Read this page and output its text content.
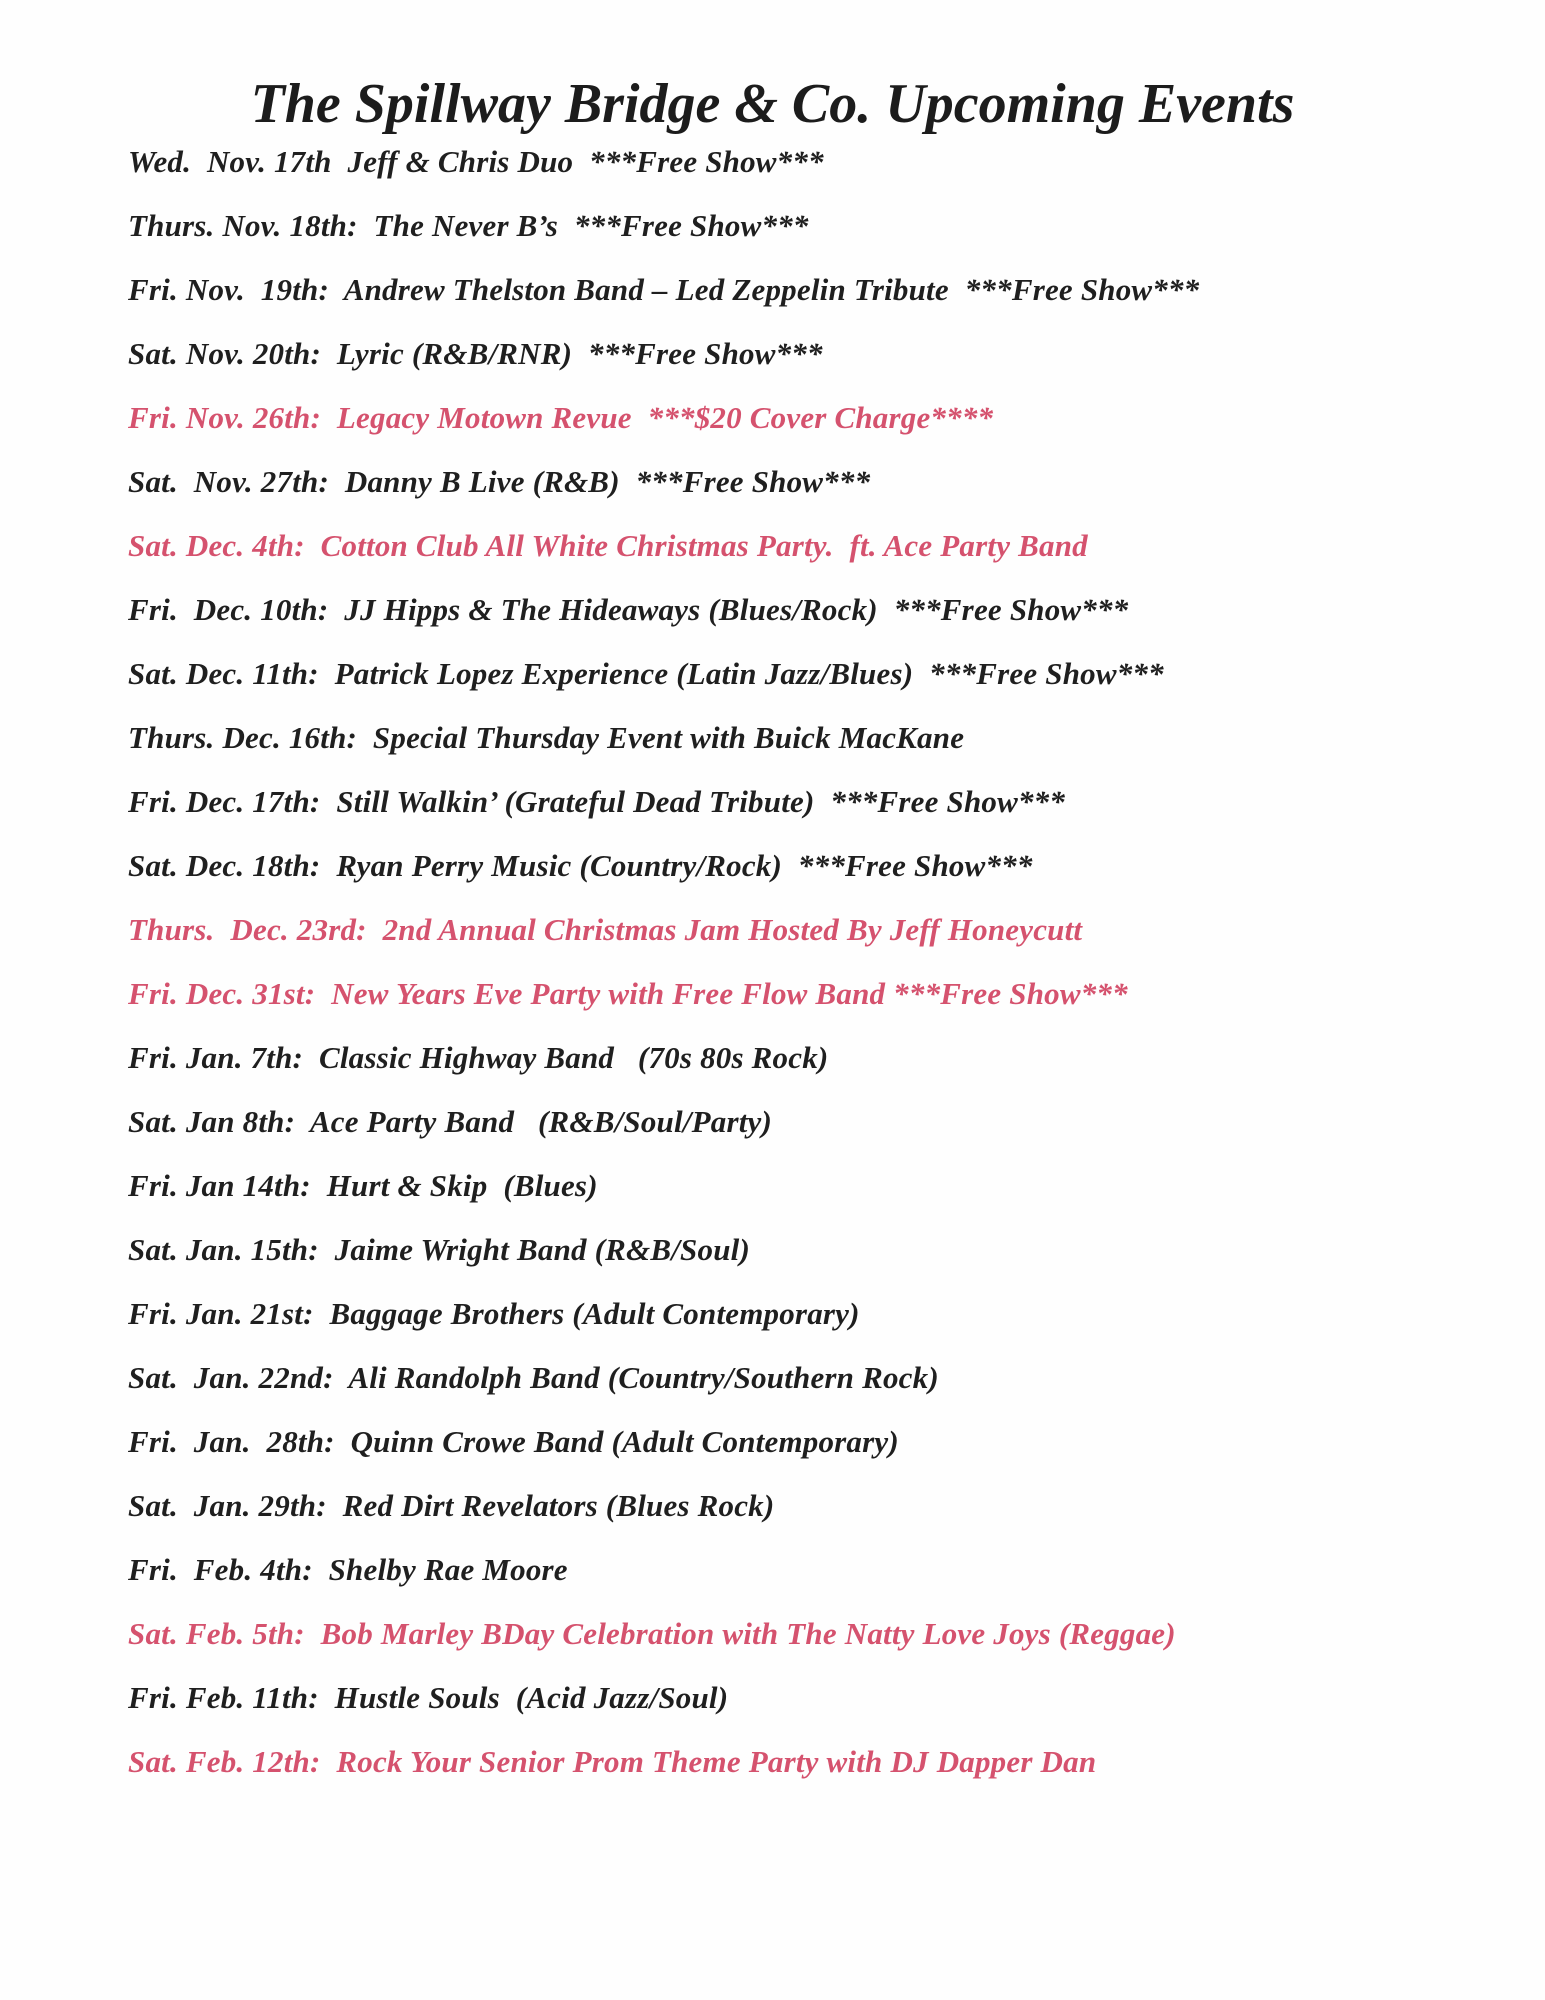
The Spillway Bridge & Co. Upcoming Events
Wed.  Nov. 17th  Jeff & Chris Duo  ***Free Show***
Thurs. Nov. 18th:  The Never B’s  ***Free Show***
Fri. Nov.  19th:  Andrew Thelston Band – Led Zeppelin Tribute  ***Free Show***
Sat. Nov. 20th:  Lyric (R&B/RNR)  ***Free Show***
Fri. Nov. 26th:  Legacy Motown Revue  ***$20 Cover Charge****
Sat.  Nov. 27th:  Danny B Live (R&B)  ***Free Show***
Sat. Dec. 4th:  Cotton Club All White Christmas Party.  ft. Ace Party Band
Fri.  Dec. 10th:  JJ Hipps & The Hideaways (Blues/Rock)  ***Free Show***
Sat. Dec. 11th:  Patrick Lopez Experience (Latin Jazz/Blues)  ***Free Show***
Thurs. Dec. 16th:  Special Thursday Event with Buick MacKane
Fri. Dec. 17th:  Still Walkin’ (Grateful Dead Tribute)  ***Free Show***
Sat. Dec. 18th:  Ryan Perry Music (Country/Rock)  ***Free Show***
Thurs.  Dec. 23rd:  2nd Annual Christmas Jam Hosted By Jeff Honeycutt
Fri. Dec. 31st:  New Years Eve Party with Free Flow Band ***Free Show***
Fri. Jan. 7th:  Classic Highway Band   (70s 80s Rock)
Sat. Jan 8th:  Ace Party Band   (R&B/Soul/Party)
Fri. Jan 14th:  Hurt & Skip  (Blues)
Sat. Jan. 15th:  Jaime Wright Band (R&B/Soul)
Fri. Jan. 21st:  Baggage Brothers (Adult Contemporary)
Sat.  Jan. 22nd:  Ali Randolph Band (Country/Southern Rock)
Fri.  Jan.  28th:  Quinn Crowe Band (Adult Contemporary)
Sat.  Jan. 29th:  Red Dirt Revelators (Blues Rock)
Fri.  Feb. 4th:  Shelby Rae Moore
Sat. Feb. 5th:  Bob Marley BDay Celebration with The Natty Love Joys (Reggae)
Fri. Feb. 11th:  Hustle Souls  (Acid Jazz/Soul)
Sat. Feb. 12th:  Rock Your Senior Prom Theme Party with DJ Dapper Dan
